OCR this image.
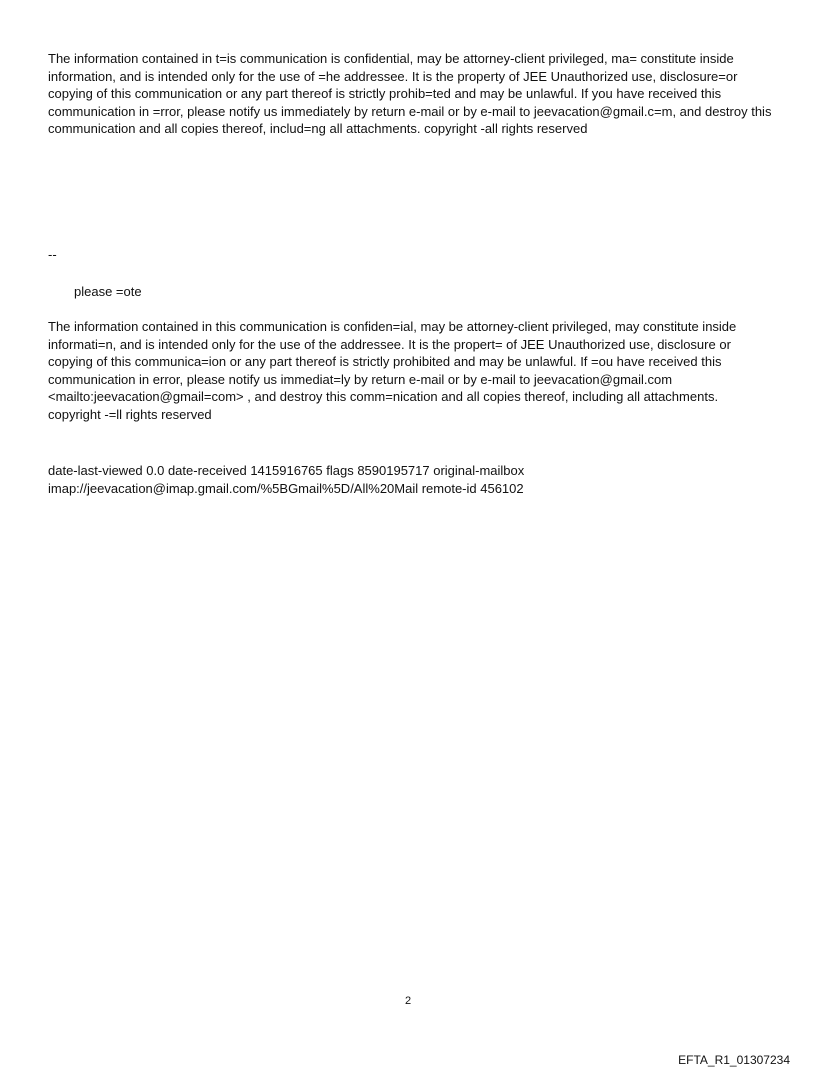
The information contained in t=is communication is confidential, may be attorney-client privileged, ma= constitute inside information, and is intended only for the use of =he addressee. It is the property of JEE Unauthorized use, disclosure=or copying of this communication or any part thereof is strictly prohib=ted and may be unlawful. If you have received this communication in =rror, please notify us immediately by return e-mail or by e-mail to jeevacation@gmail.c=m, and destroy this communication and all copies thereof, includ=ng all attachments. copyright -all rights reserved
--
please =ote
The information contained in this communication is confiden=ial, may be attorney-client privileged, may constitute inside informati=n, and is intended only for the use of the addressee. It is the propert= of JEE Unauthorized use, disclosure or copying of this communica=ion or any part thereof is strictly prohibited and may be unlawful. If =ou have received this communication in error, please notify us immediat=ly by return e-mail or by e-mail to jeevacation@gmail.com <mailto:jeevacation@gmail=com> , and destroy this comm=nication and all copies thereof, including all attachments. copyright -=ll rights reserved
date-last-viewed 0.0 date-received 1415916765 flags 8590195717 original-mailbox
imap://jeevacation@imap.gmail.com/%5BGmail%5D/All%20Mail remote-id 456102
2
EFTA_R1_01307234
